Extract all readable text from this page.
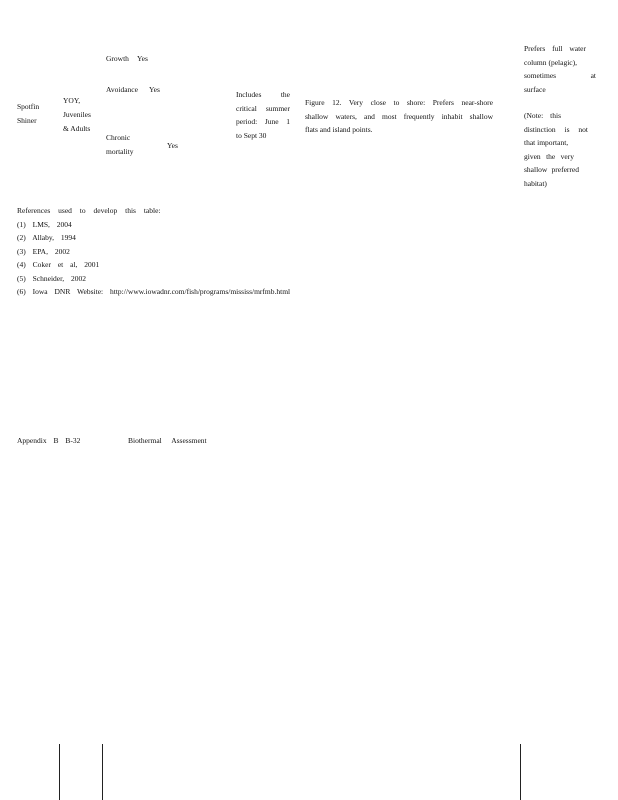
Spotfin
Shiner
YOY,
Juveniles
& Adults
Growth Yes
Avoidance Yes
Chronic
mortality
Yes
Includes the
critical summer
period: June 1
to Sept 30
Figure 12. Very close to shore: Prefers near-shore
shallow waters, and most frequently inhabit shallow
flats and island points.
Prefers full water
column (pelagic),
sometimes at
surface
(Note: this
distinction is not
that important,
given the very
shallow preferred
habitat)
References used to develop this table:
(1) LMS, 2004
(2) Allaby, 1994
(3) EPA, 2002
(4) Coker et al, 2001
(5) Schneider, 2002
(6) Iowa DNR Website: http://www.iowadnr.com/fish/programs/mississ/mrfmb.html
Appendix B B-32	Biothermal Assessment
